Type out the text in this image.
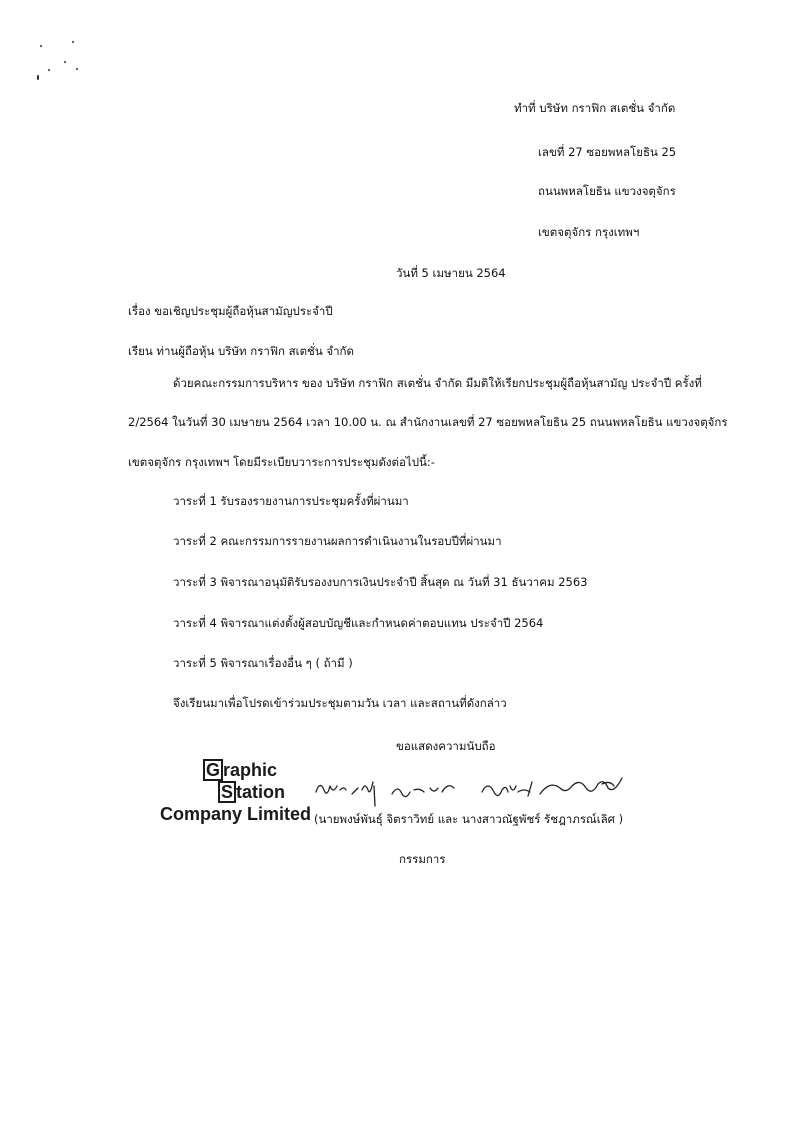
ทำที่ บริษัท กราฟิก สเตชั่น จำกัด
เลขที่ 27 ซอยพหลโยธิน 25
ถนนพหลโยธิน แขวงจตุจักร
เขตจตุจักร กรุงเทพฯ
วันที่ 5 เมษายน 2564
เรื่อง ขอเชิญประชุมผู้ถือหุ้นสามัญประจำปี
เรียน ท่านผู้ถือหุ้น บริษัท กราฟิก สเตชั่น จำกัด
ด้วยคณะกรรมการบริหาร ของ บริษัท กราฟิก สเตชั่น จำกัด มีมติให้เรียกประชุมผู้ถือหุ้นสามัญ ประจำปี ครั้งที่
2/2564 ในวันที่ 30 เมษายน 2564 เวลา 10.00 น. ณ สำนักงานเลขที่ 27 ซอยพหลโยธิน 25 ถนนพหลโยธิน แขวงจตุจักร
เขตจตุจักร กรุงเทพฯ โดยมีระเบียบวาระการประชุมดังต่อไปนี้:-
วาระที่ 1 รับรองรายงานการประชุมครั้งที่ผ่านมา
วาระที่ 2 คณะกรรมการรายงานผลการดำเนินงานในรอบปีที่ผ่านมา
วาระที่ 3 พิจารณาอนุมัติรับรองงบการเงินประจำปี สิ้นสุด ณ วันที่ 31 ธันวาคม 2563
วาระที่ 4 พิจารณาแต่งตั้งผู้สอบบัญชีและกำหนดค่าตอบแทน ประจำปี 2564
วาระที่ 5 พิจารณาเรื่องอื่น ๆ ( ถ้ามี )
จึงเรียนมาเพื่อโปรดเข้าร่วมประชุมตามวัน เวลา และสถานที่ดังกล่าว
ขอแสดงความนับถือ
G raphic
S tation
Company Limited (นายพงษ์พันธุ์ จิตราวิทย์ และ นางสาวณัฐพัชร์ รัชฎาภรณ์เลิศ )
กรรมการ
